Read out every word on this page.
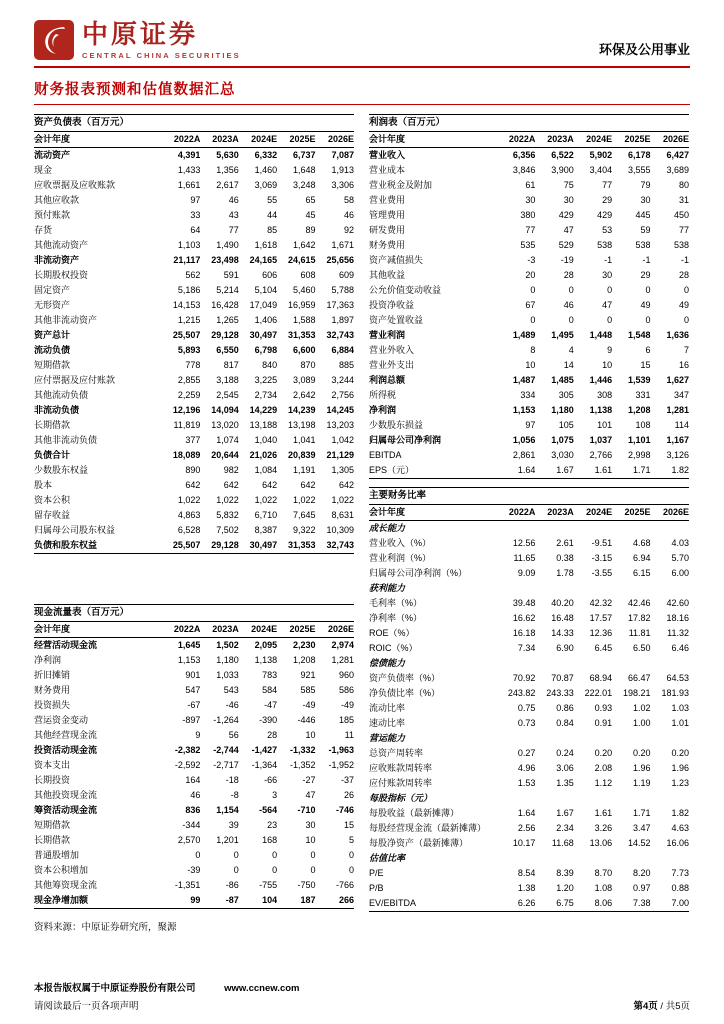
中原证券
CENTRAL CHINA SECURITIES	环保及公用事业
财务报表预测和估值数据汇总
资产负债表（百万元）
会计年度	2022A	2023A	2024E	2025E	2026E
流动资产	4,391	5,630	6,332	6,737	7,087
现金	1,433	1,356	1,460	1,648	1,913
应收票据及应收账款	1,661	2,617	3,069	3,248	3,306
其他应收款	97	46	55	65	58
预付账款	33	43	44	45	46
存货	64	77	85	89	92
其他流动资产	1,103	1,490	1,618	1,642	1,671
非流动资产	21,117	23,498	24,165	24,615	25,656
长期股权投资	562	591	606	608	609
固定资产	5,186	5,214	5,104	5,460	5,788
无形资产	14,153	16,428	17,049	16,959	17,363
其他非流动资产	1,215	1,265	1,406	1,588	1,897
资产总计	25,507	29,128	30,497	31,353	32,743
流动负债	5,893	6,550	6,798	6,600	6,884
短期借款	778	817	840	870	885
应付票据及应付账款	2,855	3,188	3,225	3,089	3,244
其他流动负债	2,259	2,545	2,734	2,642	2,756
非流动负债	12,196	14,094	14,229	14,239	14,245
长期借款	11,819	13,020	13,188	13,198	13,203
其他非流动负债	377	1,074	1,040	1,041	1,042
负债合计	18,089	20,644	21,026	20,839	21,129
少数股东权益	890	982	1,084	1,191	1,305
股本	642	642	642	642	642
资本公积	1,022	1,022	1,022	1,022	1,022
留存收益	4,863	5,832	6,710	7,645	8,631
归属母公司股东权益	6,528	7,502	8,387	9,322	10,309
负债和股东权益	25,507	29,128	30,497	31,353	32,743
现金流量表（百万元）
会计年度	2022A	2023A	2024E	2025E	2026E
经营活动现金流	1,645	1,502	2,095	2,230	2,974
净利润	1,153	1,180	1,138	1,208	1,281
折旧摊销	901	1,033	783	921	960
财务费用	547	543	584	585	586
投资损失	-67	-46	-47	-49	-49
营运资金变动	-897	-1,264	-390	-446	185
其他经营现金流	9	56	28	10	11
投资活动现金流	-2,382	-2,744	-1,427	-1,332	-1,963
资本支出	-2,592	-2,717	-1,364	-1,352	-1,952
长期投资	164	-18	-66	-27	-37
其他投资现金流	46	-8	3	47	26
筹资活动现金流	836	1,154	-564	-710	-746
短期借款	-344	39	23	30	15
长期借款	2,570	1,201	168	10	5
普通股增加	0	0	0	0	0
资本公积增加	-39	0	0	0	0
其他筹资现金流	-1,351	-86	-755	-750	-766
现金净增加额	99	-87	104	187	266
利润表（百万元）
会计年度	2022A	2023A	2024E	2025E	2026E
营业收入	6,356	6,522	5,902	6,178	6,427
营业成本	3,846	3,900	3,404	3,555	3,689
营业税金及附加	61	75	77	79	80
营业费用	30	30	29	30	31
管理费用	380	429	429	445	450
研发费用	77	47	53	59	77
财务费用	535	529	538	538	538
资产减值损失	-3	-19	-1	-1	-1
其他收益	20	28	30	29	28
公允价值变动收益	0	0	0	0	0
投资净收益	67	46	47	49	49
资产处置收益	0	0	0	0	0
营业利润	1,489	1,495	1,448	1,548	1,636
营业外收入	8	4	9	6	7
营业外支出	10	14	10	15	16
利润总额	1,487	1,485	1,446	1,539	1,627
所得税	334	305	308	331	347
净利润	1,153	1,180	1,138	1,208	1,281
少数股东损益	97	105	101	108	114
归属母公司净利润	1,056	1,075	1,037	1,101	1,167
EBITDA	2,861	3,030	2,766	2,998	3,126
EPS（元）	1.64	1.67	1.61	1.71	1.82
主要财务比率
会计年度	2022A	2023A	2024E	2025E	2026E
成长能力					
营业收入（%）	12.56	2.61	-9.51	4.68	4.03
营业利润（%）	11.65	0.38	-3.15	6.94	5.70
归属母公司净利润（%）	9.09	1.78	-3.55	6.15	6.00
获利能力					
毛利率（%）	39.48	40.20	42.32	42.46	42.60
净利率（%）	16.62	16.48	17.57	17.82	18.16
ROE（%）	16.18	14.33	12.36	11.81	11.32
ROIC（%）	7.34	6.90	6.45	6.50	6.46
偿债能力					
资产负债率（%）	70.92	70.87	68.94	66.47	64.53
净负债比率（%）	243.82	243.33	222.01	198.21	181.93
流动比率	0.75	0.86	0.93	1.02	1.03
速动比率	0.73	0.84	0.91	1.00	1.01
营运能力					
总资产周转率	0.27	0.24	0.20	0.20	0.20
应收账款周转率	4.96	3.06	2.08	1.96	1.96
应付账款周转率	1.53	1.35	1.12	1.19	1.23
每股指标（元）					
每股收益（最新摊薄）	1.64	1.67	1.61	1.71	1.82
每股经营现金流（最新摊薄）	2.56	2.34	3.26	3.47	4.63
每股净资产（最新摊薄）	10.17	11.68	13.06	14.52	16.06
估值比率					
P/E	8.54	8.39	8.70	8.20	7.73
P/B	1.38	1.20	1.08	0.97	0.88
EV/EBITDA	6.26	6.75	8.06	7.38	7.00
资料来源：中原证券研究所，聚源
本报告版权属于中原证券股份有限公司	www.ccnew.com
请阅读最后一页各项声明	第4页 / 共5页
